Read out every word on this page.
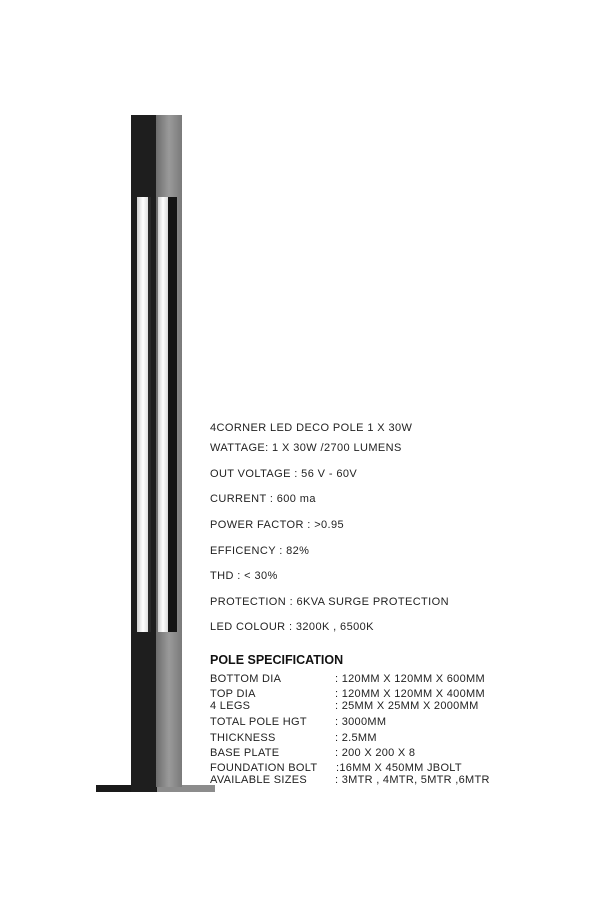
4CORNER LED DECO POLE 1 X 30W
WATTAGE: 1 X 30W /2700 LUMENS
OUT VOLTAGE : 56 V - 60V
CURRENT : 600 ma
POWER FACTOR : >0.95
EFFICENCY : 82%
THD : < 30%
PROTECTION : 6KVA SURGE PROTECTION
LED COLOUR : 3200K , 6500K
POLE SPECIFICATION
BOTTOM DIA	: 120MM X 120MM X 600MM
TOP DIA	: 120MM X 120MM X 400MM
4 LEGS	: 25MM X 25MM X 2000MM
TOTAL POLE HGT	: 3000MM
THICKNESS	: 2.5MM
BASE PLATE	: 200 X 200 X 8
FOUNDATION BOLT :16MM X 450MM JBOLT
AVAILABLE SIZES	: 3MTR , 4MTR, 5MTR ,6MTR
